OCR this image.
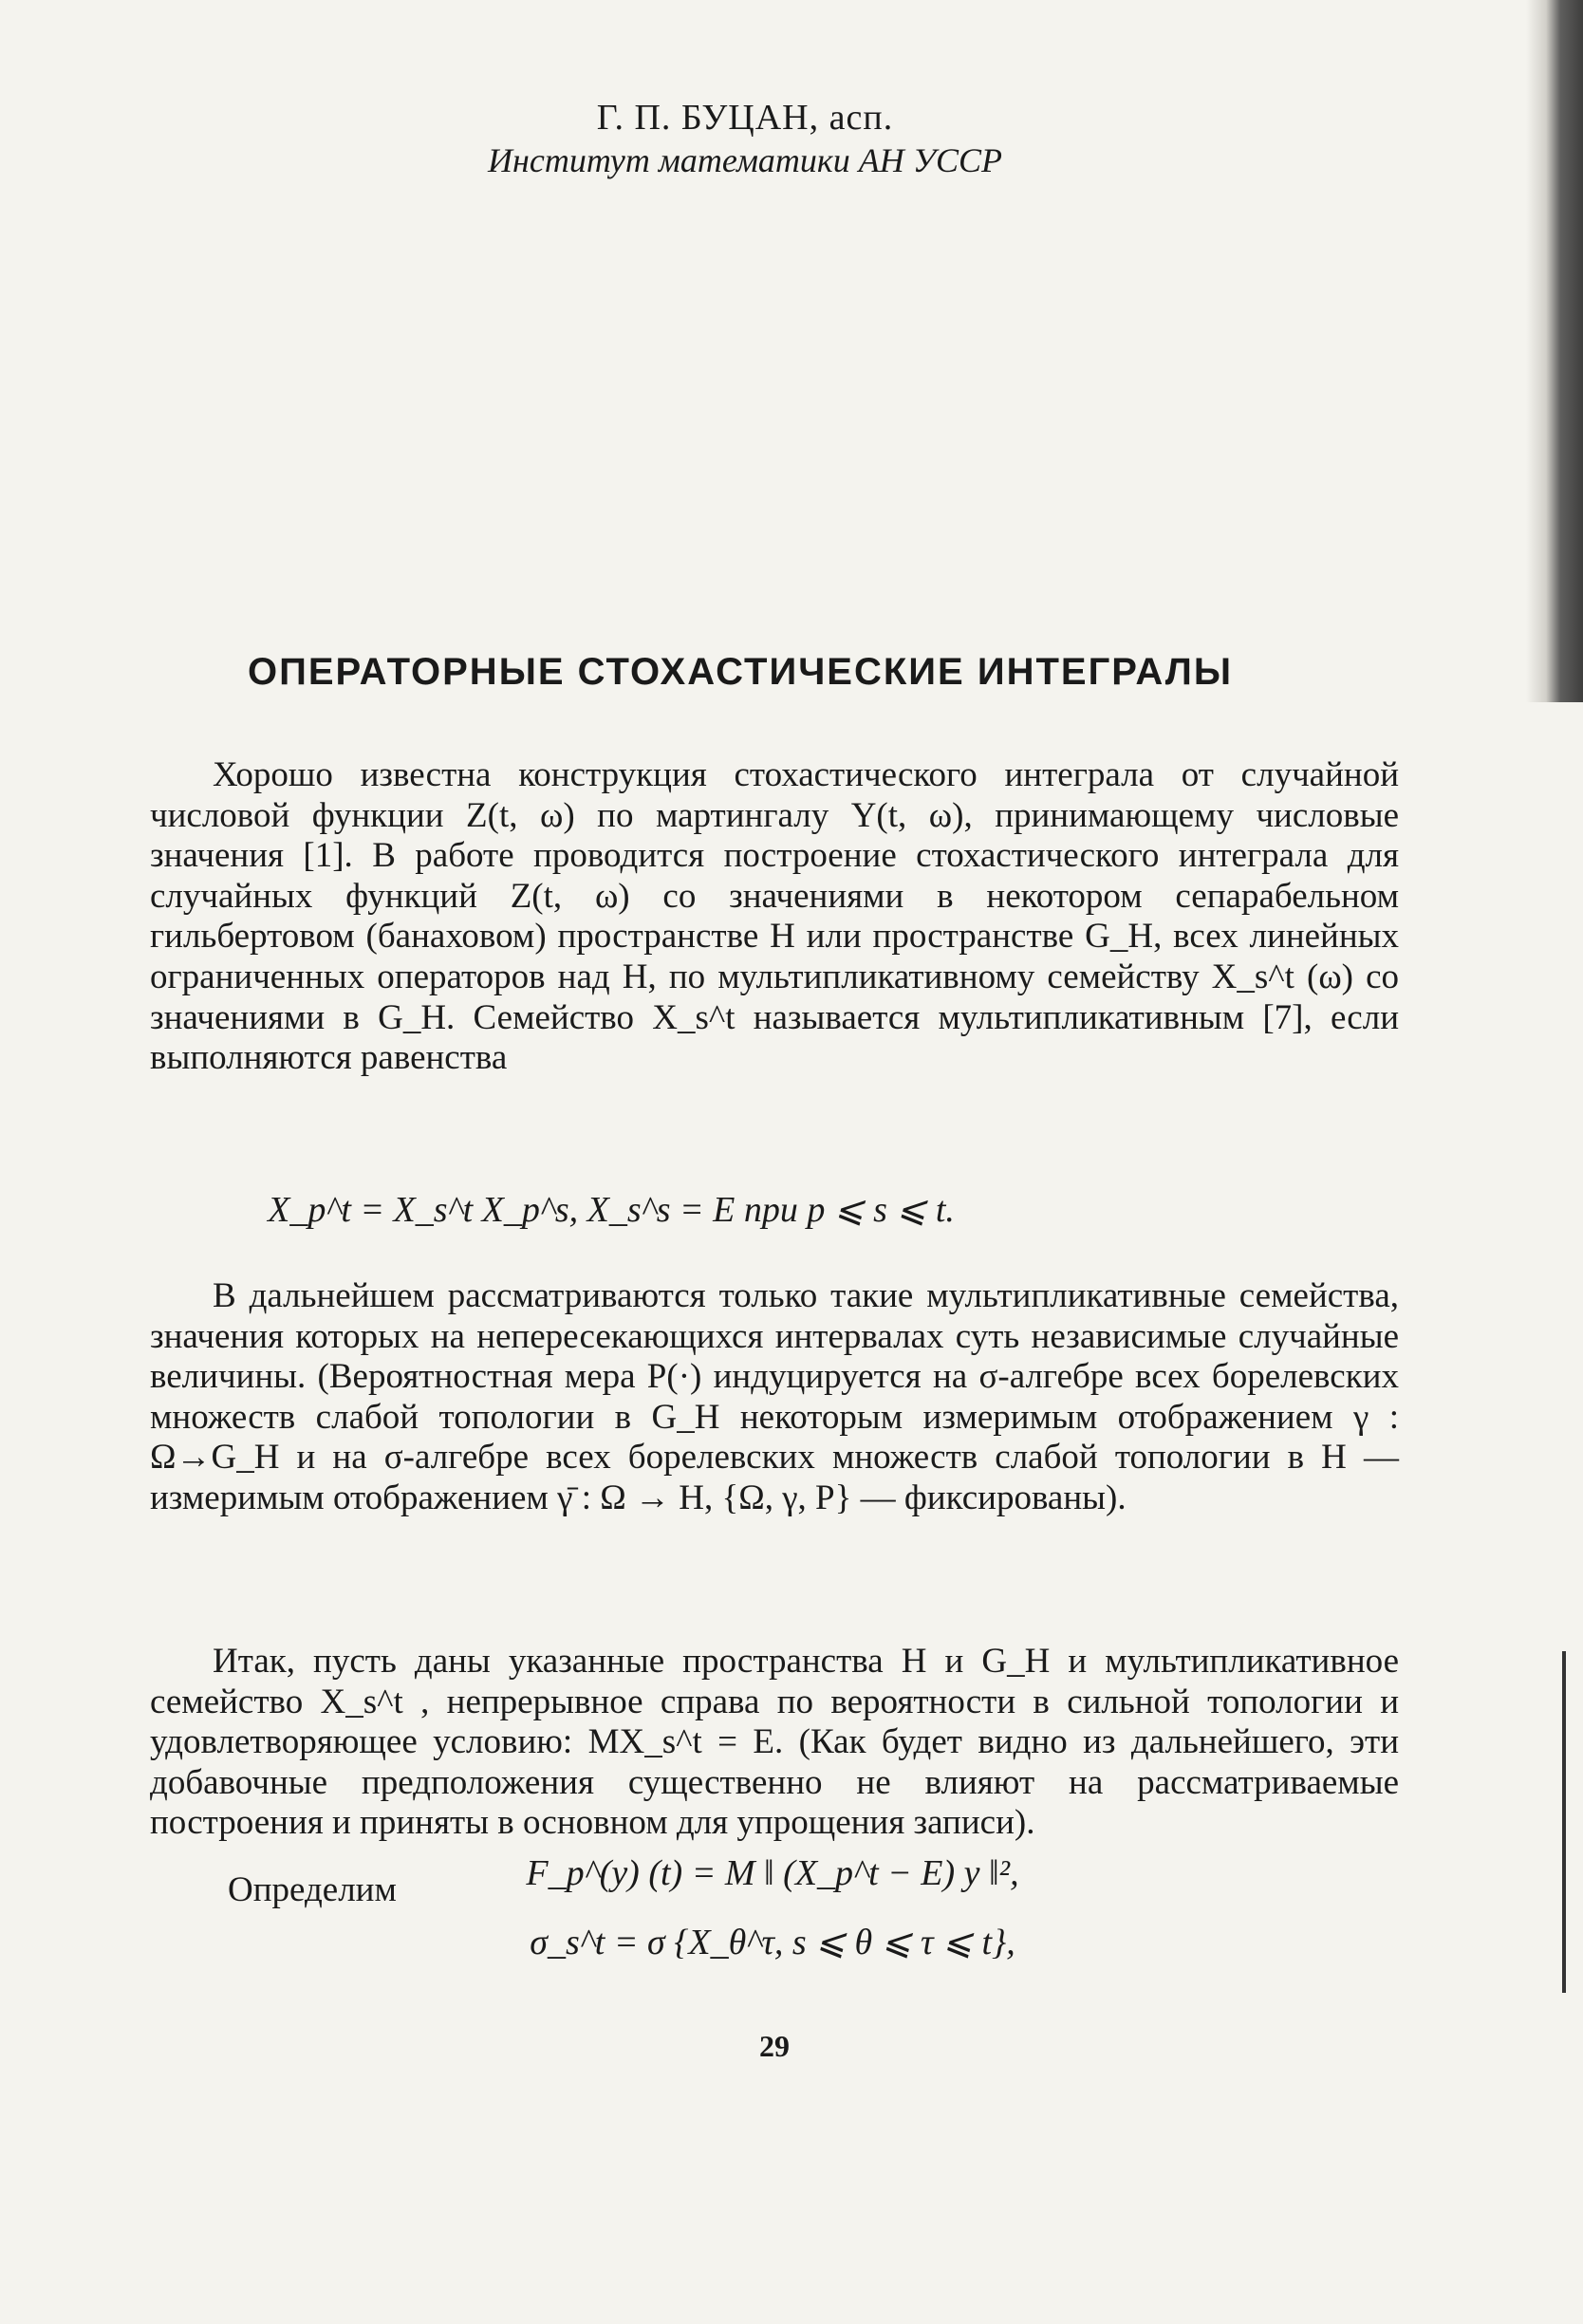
Г. П. БУЦАН, асп.
Институт математики АН УССР
ОПЕРАТОРНЫЕ СТОХАСТИЧЕСКИЕ ИНТЕГРАЛЫ

Хорошо известна конструкция стохастического интеграла от случайной числовой функции Z(t, ω) по мартингалу Y(t, ω), принимающему числовые значения [1]. В работе проводится построение стохастического интеграла для случайных функций Z(t, ω) со значениями в некотором сепарабельном гильбертовом (банаховом) пространстве H или пространстве G_H, всех линейных ограниченных операторов над H, по мультипликативному семейству X_s^t (ω) со значениями в G_H. Семейство X_s^t называется мультипликативным [7], если выполняются равенства

X_p^t = X_s^t X_p^s, X_s^s = E при p ⩽ s ⩽ t.

В дальнейшем рассматриваются только такие мультипликативные семейства, значения которых на непересекающихся интервалах суть независимые случайные величины. (Вероятностная мера P(·) индуцируется на σ-алгебре всех борелевских множеств слабой топологии в G_H некоторым измеримым отображением γ : Ω→G_H и на σ-алгебре всех борелевских множеств слабой топологии в H — измеримым отображением γ̄ : Ω → H, {Ω, γ, P} — фиксированы).

Итак, пусть даны указанные пространства H и G_H и мультипликативное семейство X_s^t , непрерывное справа по вероятности в сильной топологии и удовлетворяющее условию: MX_s^t = E. (Как будет видно из дальнейшего, эти добавочные предположения существенно не влияют на рассматриваемые построения и приняты в основном для упрощения записи).

Определим	F_p^(y) (t) = M ‖ (X_p^t − E) y ‖²,
σ_s^t = σ {X_θ^τ, s ⩽ θ ⩽ τ ⩽ t},
29
